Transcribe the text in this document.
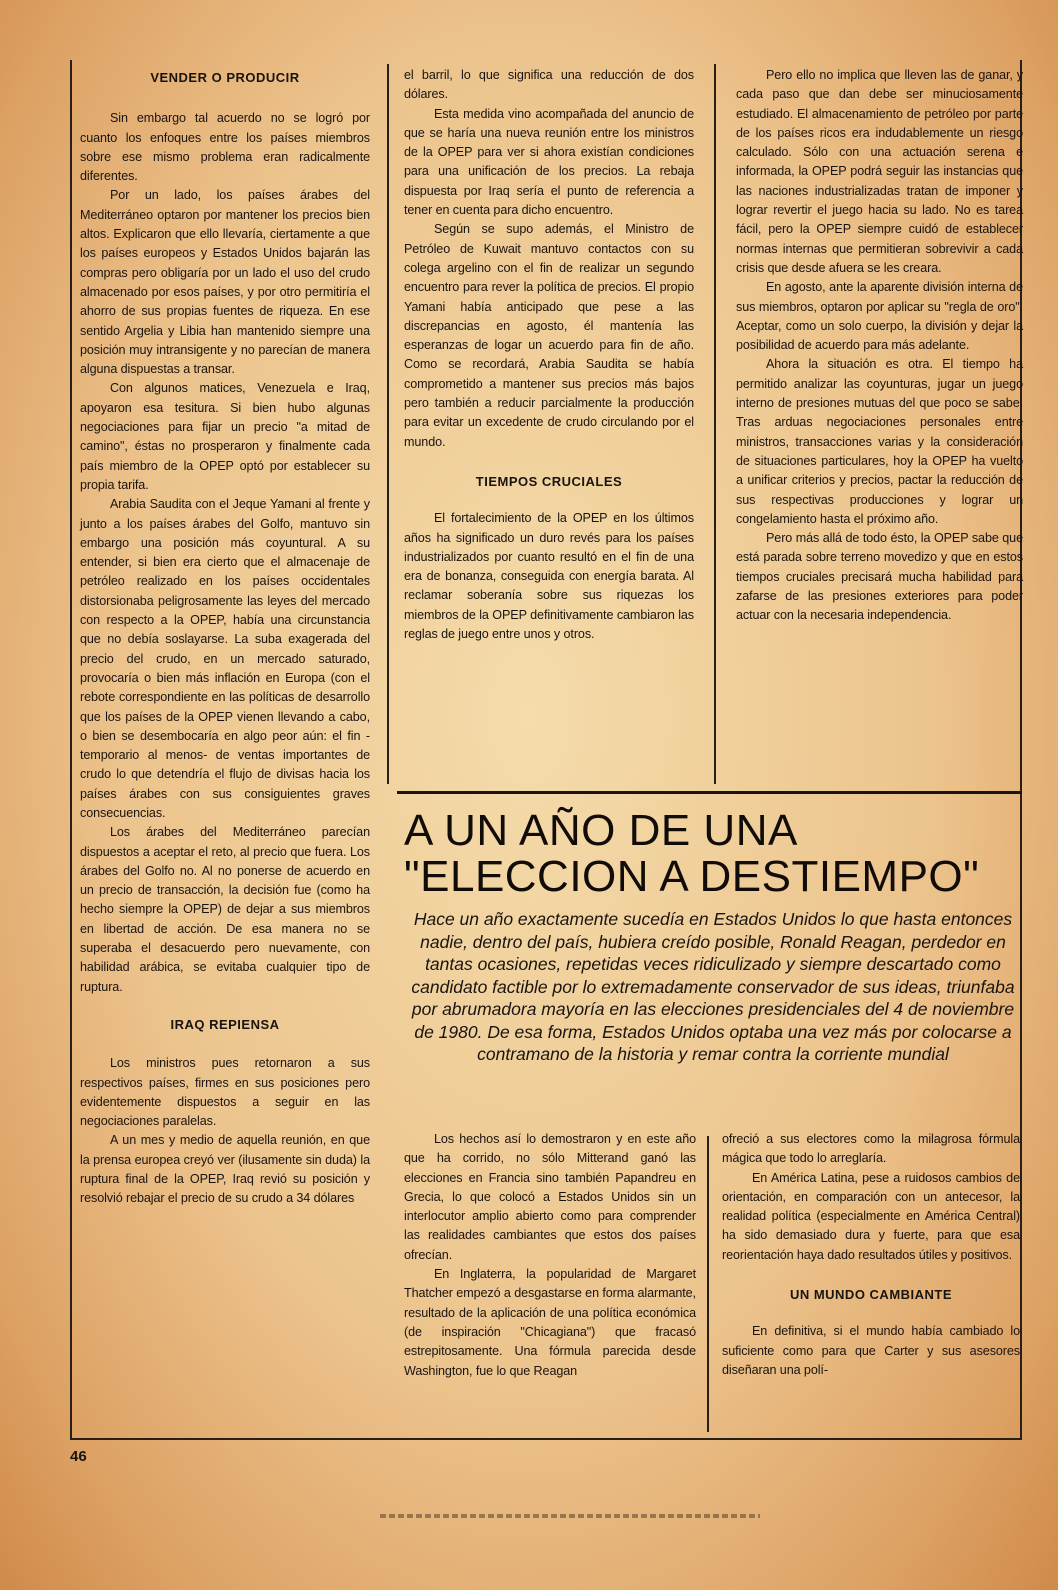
VENDER O PRODUCIR

Sin embargo tal acuerdo no se logró por cuanto los enfoques entre los países miembros sobre ese mismo problema eran radicalmente diferentes.

Por un lado, los países árabes del Mediterráneo optaron por mantener los precios bien altos. Explicaron que ello llevaría, ciertamente a que los países europeos y Estados Unidos bajarán las compras pero obligaría por un lado el uso del crudo almacenado por esos países, y por otro permitiría el ahorro de sus propias fuentes de riqueza. En ese sentido Argelia y Libia han mantenido siempre una posición muy intransigente y no parecían de manera alguna dispuestas a transar.

Con algunos matices, Venezuela e Iraq, apoyaron esa tesitura. Si bien hubo algunas negociaciones para fijar un precio "a mitad de camino", éstas no prosperaron y finalmente cada país miembro de la OPEP optó por establecer su propia tarifa.

Arabia Saudita con el Jeque Yamani al frente y junto a los países árabes del Golfo, mantuvo sin embargo una posición más coyuntural. A su entender, si bien era cierto que el almacenaje de petróleo realizado en los países occidentales distorsionaba peligrosamente las leyes del mercado con respecto a la OPEP, había una circunstancia que no debía soslayarse. La suba exagerada del precio del crudo, en un mercado saturado, provocaría o bien más inflación en Europa (con el rebote correspondiente en las políticas de desarrollo que los países de la OPEP vienen llevando a cabo, o bien se desembocaría en algo peor aún: el fin -temporario al menos- de ventas importantes de crudo lo que detendría el flujo de divisas hacia los países árabes con sus consiguientes graves consecuencias.

Los árabes del Mediterráneo parecían dispuestos a aceptar el reto, al precio que fuera. Los árabes del Golfo no. Al no ponerse de acuerdo en un precio de transacción, la decisión fue (como ha hecho siempre la OPEP) de dejar a sus miembros en libertad de acción. De esa manera no se superaba el desacuerdo pero nuevamente, con habilidad arábica, se evitaba cualquier tipo de ruptura.

IRAQ REPIENSA

Los ministros pues retornaron a sus respectivos países, firmes en sus posiciones pero evidentemente dispuestos a seguir en las negociaciones paralelas.

A un mes y medio de aquella reunión, en que la prensa europea creyó ver (ilusamente sin duda) la ruptura final de la OPEP, Iraq revió su posición y resolvió rebajar el precio de su crudo a 34 dólares

el barril, lo que significa una reducción de dos dólares.

Esta medida vino acompañada del anuncio de que se haría una nueva reunión entre los ministros de la OPEP para ver si ahora existían condiciones para una unificación de los precios. La rebaja dispuesta por Iraq sería el punto de referencia a tener en cuenta para dicho encuentro.

Según se supo además, el Ministro de Petróleo de Kuwait mantuvo contactos con su colega argelino con el fin de realizar un segundo encuentro para rever la política de precios. El propio Yamani había anticipado que pese a las discrepancias en agosto, él mantenía las esperanzas de logar un acuerdo para fin de año. Como se recordará, Arabia Saudita se había comprometido a mantener sus precios más bajos pero también a reducir parcialmente la producción para evitar un excedente de crudo circulando por el mundo.

TIEMPOS CRUCIALES

El fortalecimiento de la OPEP en los últimos años ha significado un duro revés para los países industrializados por cuanto resultó en el fin de una era de bonanza, conseguida con energía barata. Al reclamar soberanía sobre sus riquezas los miembros de la OPEP definitivamente cambiaron las reglas de juego entre unos y otros.

Pero ello no implica que lleven las de ganar, y cada paso que dan debe ser minuciosamente estudiado. El almacenamiento de petróleo por parte de los países ricos era indudablemente un riesgo calculado. Sólo con una actuación serena e informada, la OPEP podrá seguir las instancias que las naciones industrializadas tratan de imponer y lograr revertir el juego hacia su lado. No es tarea fácil, pero la OPEP siempre cuidó de establecer normas internas que permitieran sobrevivir a cada crisis que desde afuera se les creara.

En agosto, ante la aparente división interna de sus miembros, optaron por aplicar su "regla de oro". Aceptar, como un solo cuerpo, la división y dejar la posibilidad de acuerdo para más adelante.

Ahora la situación es otra. El tiempo ha permitido analizar las coyunturas, jugar un juego interno de presiones mutuas del que poco se sabe. Tras arduas negociaciones personales entre ministros, transacciones varias y la consideración de situaciones particulares, hoy la OPEP ha vuelto a unificar criterios y precios, pactar la reducción de sus respectivas producciones y lograr un congelamiento hasta el próximo año.

Pero más allá de todo ésto, la OPEP sabe que está parada sobre terreno movedizo y que en estos tiempos cruciales precisará mucha habilidad para zafarse de las presiones exteriores para poder actuar con la necesaria independencia.

A UN AÑO DE UNA
"ELECCION A DESTIEMPO"

Hace un año exactamente sucedía en Estados Unidos lo que hasta entonces nadie, dentro del país, hubiera creído posible, Ronald Reagan, perdedor en tantas ocasiones, repetidas veces ridiculizado y siempre descartado como candidato factible por lo extremadamente conservador de sus ideas, triunfaba por abrumadora mayoría en las elecciones presidenciales del 4 de noviembre de 1980. De esa forma, Estados Unidos optaba una vez más por colocarse a contramano de la historia y remar contra la corriente mundial

Los hechos así lo demostraron y en este año que ha corrido, no sólo Mitterand ganó las elecciones en Francia sino también Papandreu en Grecia, lo que colocó a Estados Unidos sin un interlocutor amplio abierto como para comprender las realidades cambiantes que estos dos países ofrecían.

En Inglaterra, la popularidad de Margaret Thatcher empezó a desgastarse en forma alarmante, resultado de la aplicación de una política económica (de inspiración "Chicagiana") que fracasó estrepitosamente. Una fórmula parecida desde Washington, fue lo que Reagan

ofreció a sus electores como la milagrosa fórmula mágica que todo lo arreglaría.

En América Latina, pese a ruidosos cambios de orientación, en comparación con un antecesor, la realidad política (especialmente en América Central) ha sido demasiado dura y fuerte, para que esa reorientación haya dado resultados útiles y positivos.

UN MUNDO CAMBIANTE

En definitiva, si el mundo había cambiado lo suficiente como para que Carter y sus asesores diseñaran una polí-

46
